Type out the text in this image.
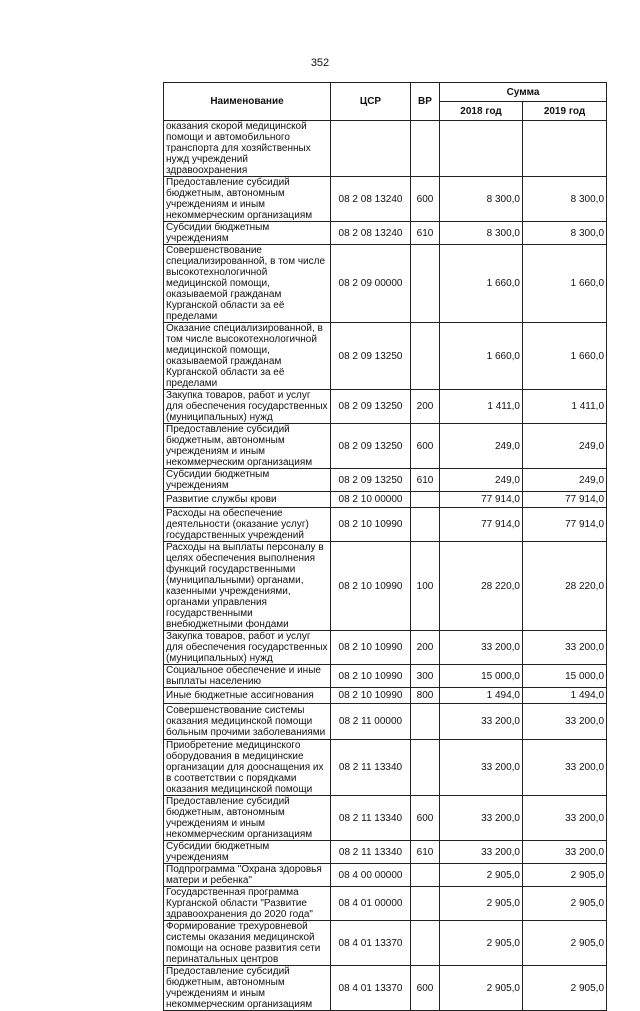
352
Наименование	ЦСР	ВР	Сумма	
			2018 год	2019 год
оказания скорой медицинской помощи и автомобильного транспорта для хозяйственных нужд учреждений здравоохранения				
Предоставление субсидий бюджетным, автономным учреждениям и иным некоммерческим организациям	08 2 08 13240	600	8 300,0	8 300,0
Субсидии бюджетным учреждениям	08 2 08 13240	610	8 300,0	8 300,0
Совершенствование специализированной, в том числе высокотехнологичной медицинской помощи, оказываемой гражданам Курганской области за её пределами	08 2 09 00000		1 660,0	1 660,0
Оказание специализированной, в том числе высокотехнологичной медицинской помощи, оказываемой гражданам Курганской области за её пределами	08 2 09 13250		1 660,0	1 660,0
Закупка товаров, работ и услуг для обеспечения государственных (муниципальных) нужд	08 2 09 13250	200	1 411,0	1 411,0
Предоставление субсидий бюджетным, автономным учреждениям и иным некоммерческим организациям	08 2 09 13250	600	249,0	249,0
Субсидии бюджетным учреждениям	08 2 09 13250	610	249,0	249,0
Развитие службы крови	08 2 10 00000		77 914,0	77 914,0
Расходы на обеспечение деятельности (оказание услуг) государственных учреждений	08 2 10 10990		77 914,0	77 914,0
Расходы на выплаты персоналу в целях обеспечения выполнения функций государственными (муниципальными) органами, казенными учреждениями, органами управления государственными внебюджетными фондами	08 2 10 10990	100	28 220,0	28 220,0
Закупка товаров, работ и услуг для обеспечения государственных (муниципальных) нужд	08 2 10 10990	200	33 200,0	33 200,0
Социальное обеспечение и иные выплаты населению	08 2 10 10990	300	15 000,0	15 000,0
Иные бюджетные ассигнования	08 2 10 10990	800	1 494,0	1 494,0
Совершенствование системы оказания медицинской помощи больным прочими заболеваниями	08 2 11 00000		33 200,0	33 200,0
Приобретение медицинского оборудования в медицинские организации для дооснащения их в соответствии с порядками оказания медицинской помощи	08 2 11 13340		33 200,0	33 200,0
Предоставление субсидий бюджетным, автономным учреждениям и иным некоммерческим организациям	08 2 11 13340	600	33 200,0	33 200,0
Субсидии бюджетным учреждениям	08 2 11 13340	610	33 200,0	33 200,0
Подпрограмма "Охрана здоровья матери и ребенка"	08 4 00 00000		2 905,0	2 905,0
Государственная программа Курганской области "Развитие здравоохранения до 2020 года"	08 4 01 00000		2 905,0	2 905,0
Формирование трехуровневой системы оказания медицинской помощи на основе развития сети перинатальных центров	08 4 01 13370		2 905,0	2 905,0
Предоставление субсидий бюджетным, автономным учреждениям и иным некоммерческим организациям	08 4 01 13370	600	2 905,0	2 905,0
